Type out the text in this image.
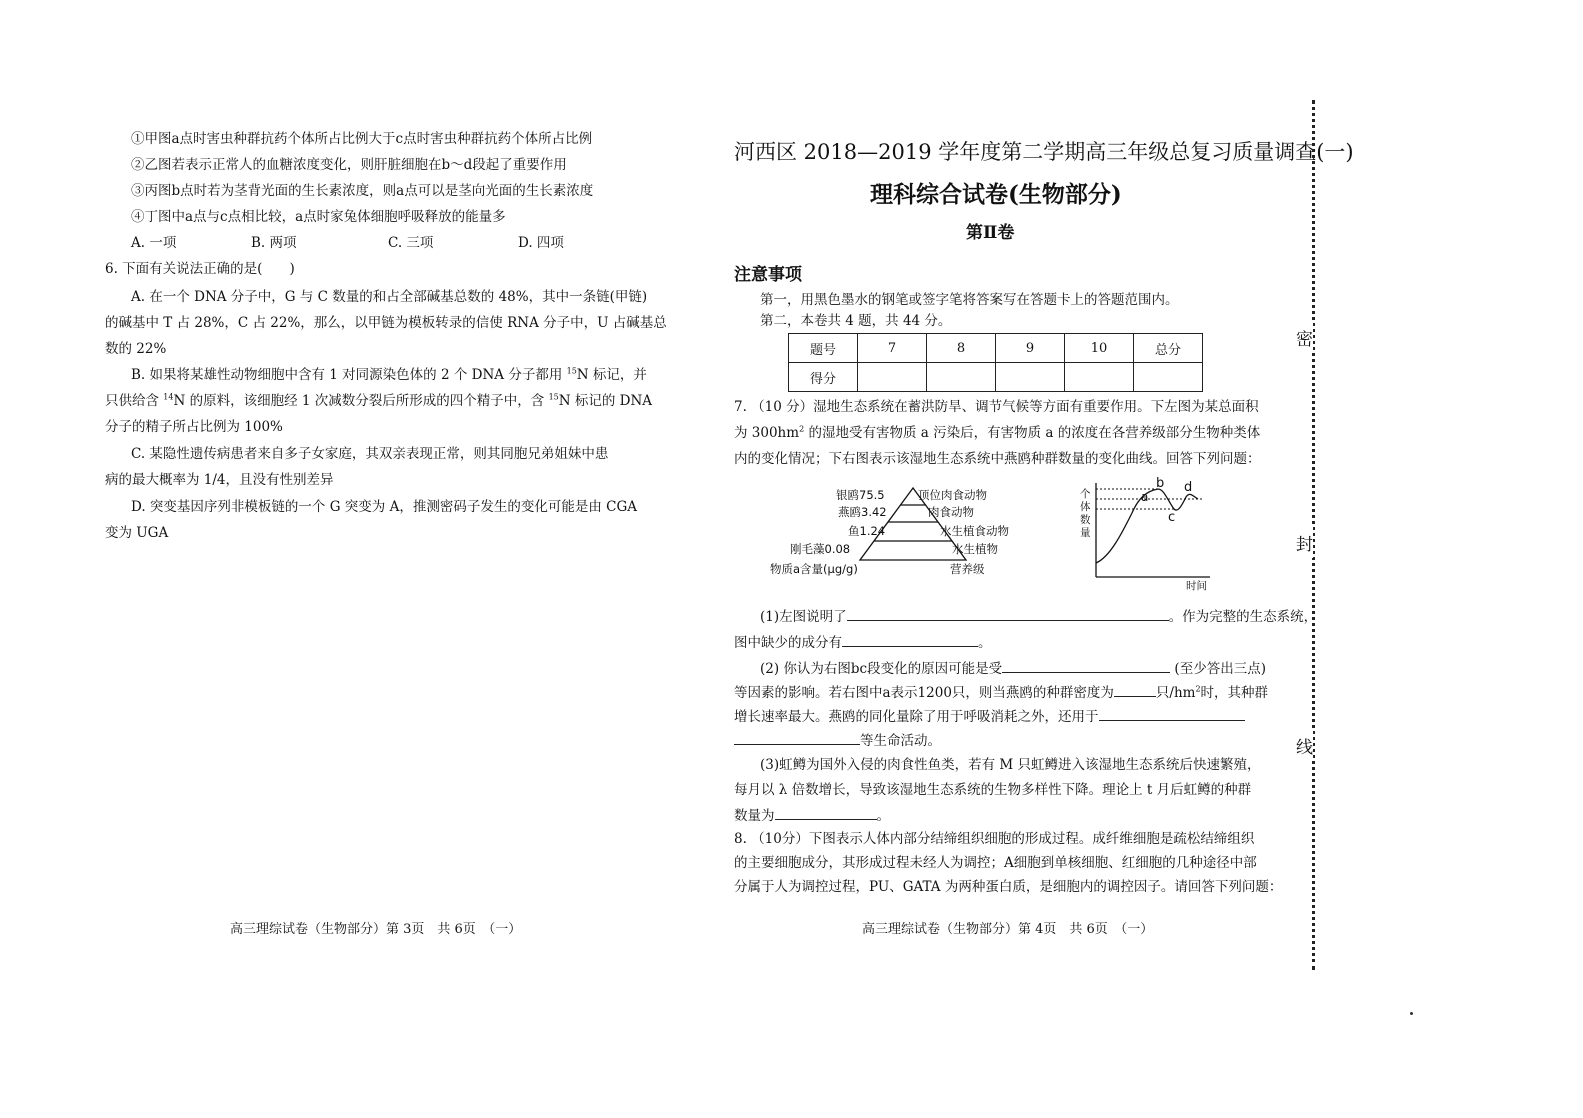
①甲图a点时害虫种群抗药个体所占比例大于c点时害虫种群抗药个体所占比例
②乙图若表示正常人的血糖浓度变化，则肝脏细胞在b～d段起了重要作用
③丙图b点时若为茎背光面的生长素浓度，则a点可以是茎向光面的生长素浓度
④丁图中a点与c点相比较，a点时家兔体细胞呼吸释放的能量多
A. 一项	B. 两项	C. 三项	D. 四项
6. 下面有关说法正确的是(　　)
A. 在一个 DNA 分子中，G 与 C 数量的和占全部碱基总数的 48%，其中一条链(甲链)
的碱基中 T 占 28%，C 占 22%，那么，以甲链为模板转录的信使 RNA 分子中，U 占碱基总
数的 22%
B. 如果将某雄性动物细胞中含有 1 对同源染色体的 2 个 DNA 分子都用 $^{15}$N 标记，并
只供给含 $^{14}$N 的原料，该细胞经 1 次减数分裂后所形成的四个精子中，含 $^{15}$N 标记的 DNA
分子的精子所占比例为 100%
C. 某隐性遗传病患者来自多子女家庭，其双亲表现正常，则其同胞兄弟姐妹中患
病的最大概率为 1/4，且没有性别差异
D. 突变基因序列非模板链的一个 G 突变为 A，推测密码子发生的变化可能是由 CGA
变为 UGA
高三理综试卷（生物部分）第 3页　共 6页　（一）
河西区 2018—2019 学年度第二学期高三年级总复习质量调查(一)
理科综合试卷(生物部分)
第Ⅱ卷
注意事项
第一，用黑色墨水的钢笔或签字笔将答案写在答题卡上的答题范围内。
第二，本卷共 4 题，共 44 分。
题号	7	8	9	10	总分
得分					
7. （10 分）湿地生态系统在蓄洪防旱、调节气候等方面有重要作用。下左图为某总面积
为 $300hm^2$ 的湿地受有害物质 a 污染后，有害物质 a 的浓度在各营养级部分生物种类体
内的变化情况；下右图表示该湿地生态系统中燕鸥种群数量的变化曲线。回答下列问题：
银鸥75.5
燕鸥3.42
鱼1.24
刚毛藻0.08
物质a含量(μg/g)
顶位肉食动物
肉食动物
水生植食动物
水生植物
营养级
个
体
数
量
时间
a
b
c
d
(1)左图说明了	。作为完整的生态系统，
图中缺少的成分有	。
(2) 你认为右图bc段变化的原因可能是受	(至少答出三点)
等因素的影响。若右图中a表示1200只，则当燕鸥的种群密度为	只$/hm^2$时，其种群
增长速率最大。燕鸥的同化量除了用于呼吸消耗之外，还用于
等生命活动。
(3)虹鳟为国外入侵的肉食性鱼类，若有 M 只虹鳟进入该湿地生态系统后快速繁殖，
每月以 λ 倍数增长，导致该湿地生态系统的生物多样性下降。理论上 t 月后虹鳟的种群
数量为	。
8. （10分）下图表示人体内部分结缔组织细胞的形成过程。成纤维细胞是疏松结缔组织
的主要细胞成分，其形成过程未经人为调控；A细胞到单核细胞、红细胞的几种途径中部
分属于人为调控过程，PU、GATA 为两种蛋白质，是细胞内的调控因子。请回答下列问题：
高三理综试卷（生物部分）第 4页　共 6页　（一）
密
封
线
